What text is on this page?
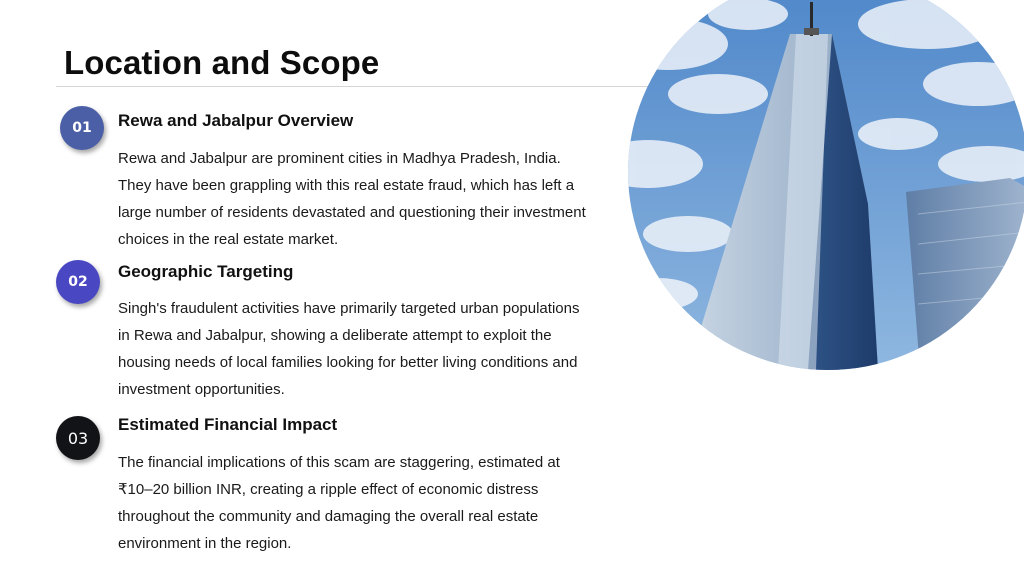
Location and Scope
01	Rewa and Jabalpur Overview

Rewa and Jabalpur are prominent cities in Madhya Pradesh, India. They have been grappling with this real estate fraud, which has left a large number of residents devastated and questioning their investment choices in the real estate market.

02
Geographic Targeting

Singh's fraudulent activities have primarily targeted urban populations in Rewa and Jabalpur, showing a deliberate attempt to exploit the housing needs of local families looking for better living conditions and investment opportunities.

03
Estimated Financial Impact

The financial implications of this scam are staggering, estimated at ₹10–20 billion INR, creating a ripple effect of economic distress throughout the community and damaging the overall real estate environment in the region.
